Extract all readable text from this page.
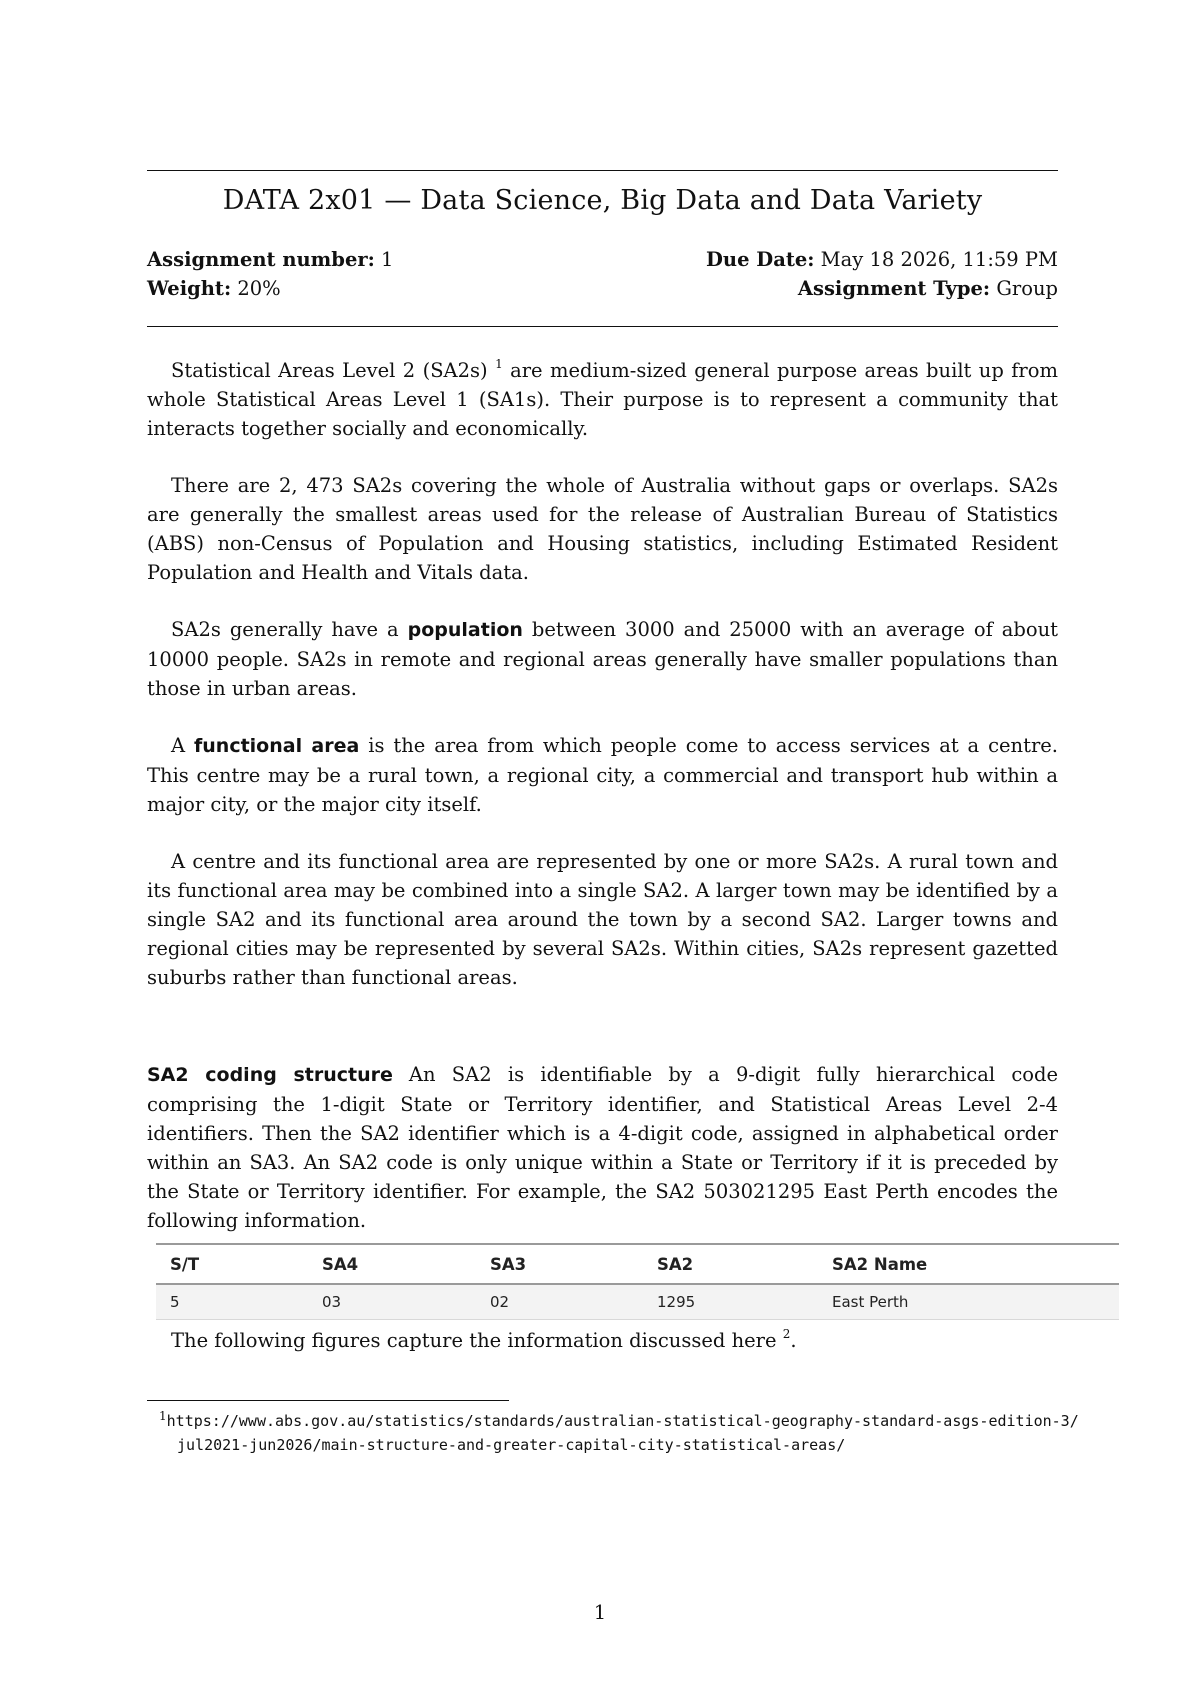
DATA 2x01 — Data Science, Big Data and Data Variety
Assignment number: 1
Weight: 20%
Due Date: May 18 2026, 11:59 PM
Assignment Type: Group

Statistical Areas Level 2 (SA2s) $^1$ are medium-sized general purpose areas built up from whole Statistical Areas Level 1 (SA1s). Their purpose is to represent a community that interacts together socially and economically.

There are 2, 473 SA2s covering the whole of Australia without gaps or overlaps. SA2s are generally the smallest areas used for the release of Australian Bureau of Statistics (ABS) non-Census of Population and Housing statistics, including Estimated Resident Population and Health and Vitals data.

SA2s generally have a population between 3000 and 25000 with an average of about 10000 people. SA2s in remote and regional areas generally have smaller populations than those in urban areas.

A functional area is the area from which people come to access services at a centre. This centre may be a rural town, a regional city, a commercial and transport hub within a major city, or the major city itself.

A centre and its functional area are represented by one or more SA2s. A rural town and its functional area may be combined into a single SA2. A larger town may be identified by a single SA2 and its functional area around the town by a second SA2. Larger towns and regional cities may be represented by several SA2s. Within cities, SA2s represent gazetted suburbs rather than functional areas.

SA2 coding structure An SA2 is identifiable by a 9-digit fully hierarchical code comprising the 1-digit State or Territory identifier, and Statistical Areas Level 2-4 identifiers. Then the SA2 identifier which is a 4-digit code, assigned in alphabetical order within an SA3. An SA2 code is only unique within a State or Territory if it is preceded by the State or Territory identifier. For example, the SA2 503021295 East Perth encodes the following information.

S/T	SA4	SA3	SA2	SA2 Name
5	03	02	1295	East Perth
The following figures capture the information discussed here $^2$.
$^1$https://www.abs.gov.au/statistics/standards/australian-statistical-geography-standard-asgs-edition-3/
jul2021-jun2026/main-structure-and-greater-capital-city-statistical-areas/
1
